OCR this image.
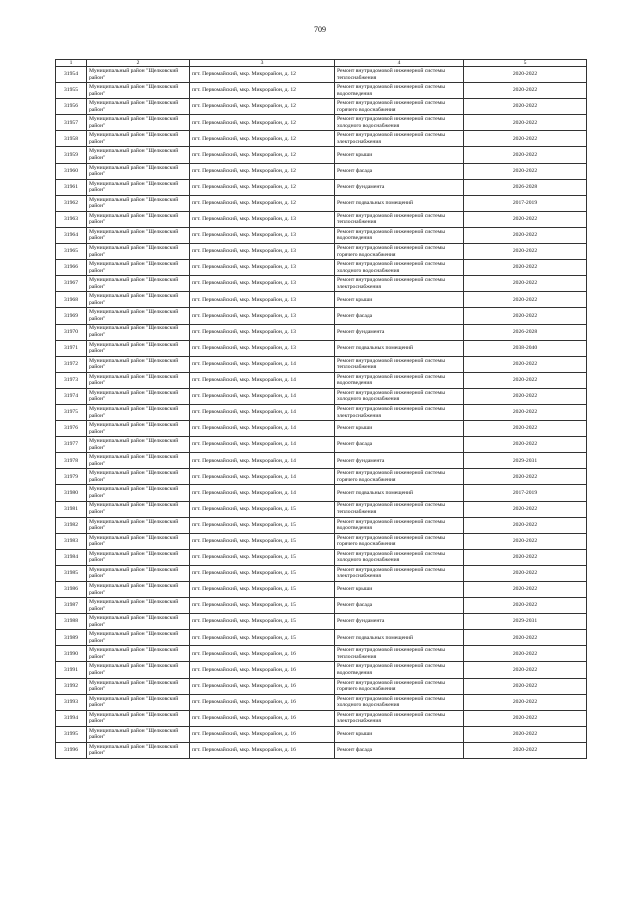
709
1	2	3	4	5
31954	Муниципальный район "Щелковский район"	пгт. Первомайский, мкр. Микрорайон, д. 12	Ремонт внутридомовой инженерной системы теплоснабжения	2020-2022
31955	Муниципальный район "Щелковский район"	пгт. Первомайский, мкр. Микрорайон, д. 12	Ремонт внутридомовой инженерной системы водоотведения	2020-2022
31956	Муниципальный район "Щелковский район"	пгт. Первомайский, мкр. Микрорайон, д. 12	Ремонт внутридомовой инженерной системы горячего водоснабжения	2020-2022
31957	Муниципальный район "Щелковский район"	пгт. Первомайский, мкр. Микрорайон, д. 12	Ремонт внутридомовой инженерной системы холодного водоснабжения	2020-2022
31958	Муниципальный район "Щелковский район"	пгт. Первомайский, мкр. Микрорайон, д. 12	Ремонт внутридомовой инженерной системы электроснабжения	2020-2022
31959	Муниципальный район "Щелковский район"	пгт. Первомайский, мкр. Микрорайон, д. 12	Ремонт крыши	2020-2022
31960	Муниципальный район "Щелковский район"	пгт. Первомайский, мкр. Микрорайон, д. 12	Ремонт фасада	2020-2022
31961	Муниципальный район "Щелковский район"	пгт. Первомайский, мкр. Микрорайон, д. 12	Ремонт фундамента	2026-2028
31962	Муниципальный район "Щелковский район"	пгт. Первомайский, мкр. Микрорайон, д. 12	Ремонт подвальных помещений	2017-2019
31963	Муниципальный район "Щелковский район"	пгт. Первомайский, мкр. Микрорайон, д. 13	Ремонт внутридомовой инженерной системы теплоснабжения	2020-2022
31964	Муниципальный район "Щелковский район"	пгт. Первомайский, мкр. Микрорайон, д. 13	Ремонт внутридомовой инженерной системы водоотведения	2020-2022
31965	Муниципальный район "Щелковский район"	пгт. Первомайский, мкр. Микрорайон, д. 13	Ремонт внутридомовой инженерной системы горячего водоснабжения	2020-2022
31966	Муниципальный район "Щелковский район"	пгт. Первомайский, мкр. Микрорайон, д. 13	Ремонт внутридомовой инженерной системы холодного водоснабжения	2020-2022
31967	Муниципальный район "Щелковский район"	пгт. Первомайский, мкр. Микрорайон, д. 13	Ремонт внутридомовой инженерной системы электроснабжения	2020-2022
31968	Муниципальный район "Щелковский район"	пгт. Первомайский, мкр. Микрорайон, д. 13	Ремонт крыши	2020-2022
31969	Муниципальный район "Щелковский район"	пгт. Первомайский, мкр. Микрорайон, д. 13	Ремонт фасада	2020-2022
31970	Муниципальный район "Щелковский район"	пгт. Первомайский, мкр. Микрорайон, д. 13	Ремонт фундамента	2026-2028
31971	Муниципальный район "Щелковский район"	пгт. Первомайский, мкр. Микрорайон, д. 13	Ремонт подвальных помещений	2038-2040
31972	Муниципальный район "Щелковский район"	пгт. Первомайский, мкр. Микрорайон, д. 14	Ремонт внутридомовой инженерной системы теплоснабжения	2020-2022
31973	Муниципальный район "Щелковский район"	пгт. Первомайский, мкр. Микрорайон, д. 14	Ремонт внутридомовой инженерной системы водоотведения	2020-2022
31974	Муниципальный район "Щелковский район"	пгт. Первомайский, мкр. Микрорайон, д. 14	Ремонт внутридомовой инженерной системы холодного водоснабжения	2020-2022
31975	Муниципальный район "Щелковский район"	пгт. Первомайский, мкр. Микрорайон, д. 14	Ремонт внутридомовой инженерной системы электроснабжения	2020-2022
31976	Муниципальный район "Щелковский район"	пгт. Первомайский, мкр. Микрорайон, д. 14	Ремонт крыши	2020-2022
31977	Муниципальный район "Щелковский район"	пгт. Первомайский, мкр. Микрорайон, д. 14	Ремонт фасада	2020-2022
31978	Муниципальный район "Щелковский район"	пгт. Первомайский, мкр. Микрорайон, д. 14	Ремонт фундамента	2029-2031
31979	Муниципальный район "Щелковский район"	пгт. Первомайский, мкр. Микрорайон, д. 14	Ремонт внутридомовой инженерной системы горячего водоснабжения	2020-2022
31980	Муниципальный район "Щелковский район"	пгт. Первомайский, мкр. Микрорайон, д. 14	Ремонт подвальных помещений	2017-2019
31981	Муниципальный район "Щелковский район"	пгт. Первомайский, мкр. Микрорайон, д. 15	Ремонт внутридомовой инженерной системы теплоснабжения	2020-2022
31982	Муниципальный район "Щелковский район"	пгт. Первомайский, мкр. Микрорайон, д. 15	Ремонт внутридомовой инженерной системы водоотведения	2020-2022
31983	Муниципальный район "Щелковский район"	пгт. Первомайский, мкр. Микрорайон, д. 15	Ремонт внутридомовой инженерной системы горячего водоснабжения	2020-2022
31984	Муниципальный район "Щелковский район"	пгт. Первомайский, мкр. Микрорайон, д. 15	Ремонт внутридомовой инженерной системы холодного водоснабжения	2020-2022
31985	Муниципальный район "Щелковский район"	пгт. Первомайский, мкр. Микрорайон, д. 15	Ремонт внутридомовой инженерной системы электроснабжения	2020-2022
31986	Муниципальный район "Щелковский район"	пгт. Первомайский, мкр. Микрорайон, д. 15	Ремонт крыши	2020-2022
31987	Муниципальный район "Щелковский район"	пгт. Первомайский, мкр. Микрорайон, д. 15	Ремонт фасада	2020-2022
31988	Муниципальный район "Щелковский район"	пгт. Первомайский, мкр. Микрорайон, д. 15	Ремонт фундамента	2029-2031
31989	Муниципальный район "Щелковский район"	пгт. Первомайский, мкр. Микрорайон, д. 15	Ремонт подвальных помещений	2020-2022
31990	Муниципальный район "Щелковский район"	пгт. Первомайский, мкр. Микрорайон, д. 16	Ремонт внутридомовой инженерной системы теплоснабжения	2020-2022
31991	Муниципальный район "Щелковский район"	пгт. Первомайский, мкр. Микрорайон, д. 16	Ремонт внутридомовой инженерной системы водоотведения	2020-2022
31992	Муниципальный район "Щелковский район"	пгт. Первомайский, мкр. Микрорайон, д. 16	Ремонт внутридомовой инженерной системы горячего водоснабжения	2020-2022
31993	Муниципальный район "Щелковский район"	пгт. Первомайский, мкр. Микрорайон, д. 16	Ремонт внутридомовой инженерной системы холодного водоснабжения	2020-2022
31994	Муниципальный район "Щелковский район"	пгт. Первомайский, мкр. Микрорайон, д. 16	Ремонт внутридомовой инженерной системы электроснабжения	2020-2022
31995	Муниципальный район "Щелковский район"	пгт. Первомайский, мкр. Микрорайон, д. 16	Ремонт крыши	2020-2022
31996	Муниципальный район "Щелковский район"	пгт. Первомайский, мкр. Микрорайон, д. 16	Ремонт фасада	2020-2022
